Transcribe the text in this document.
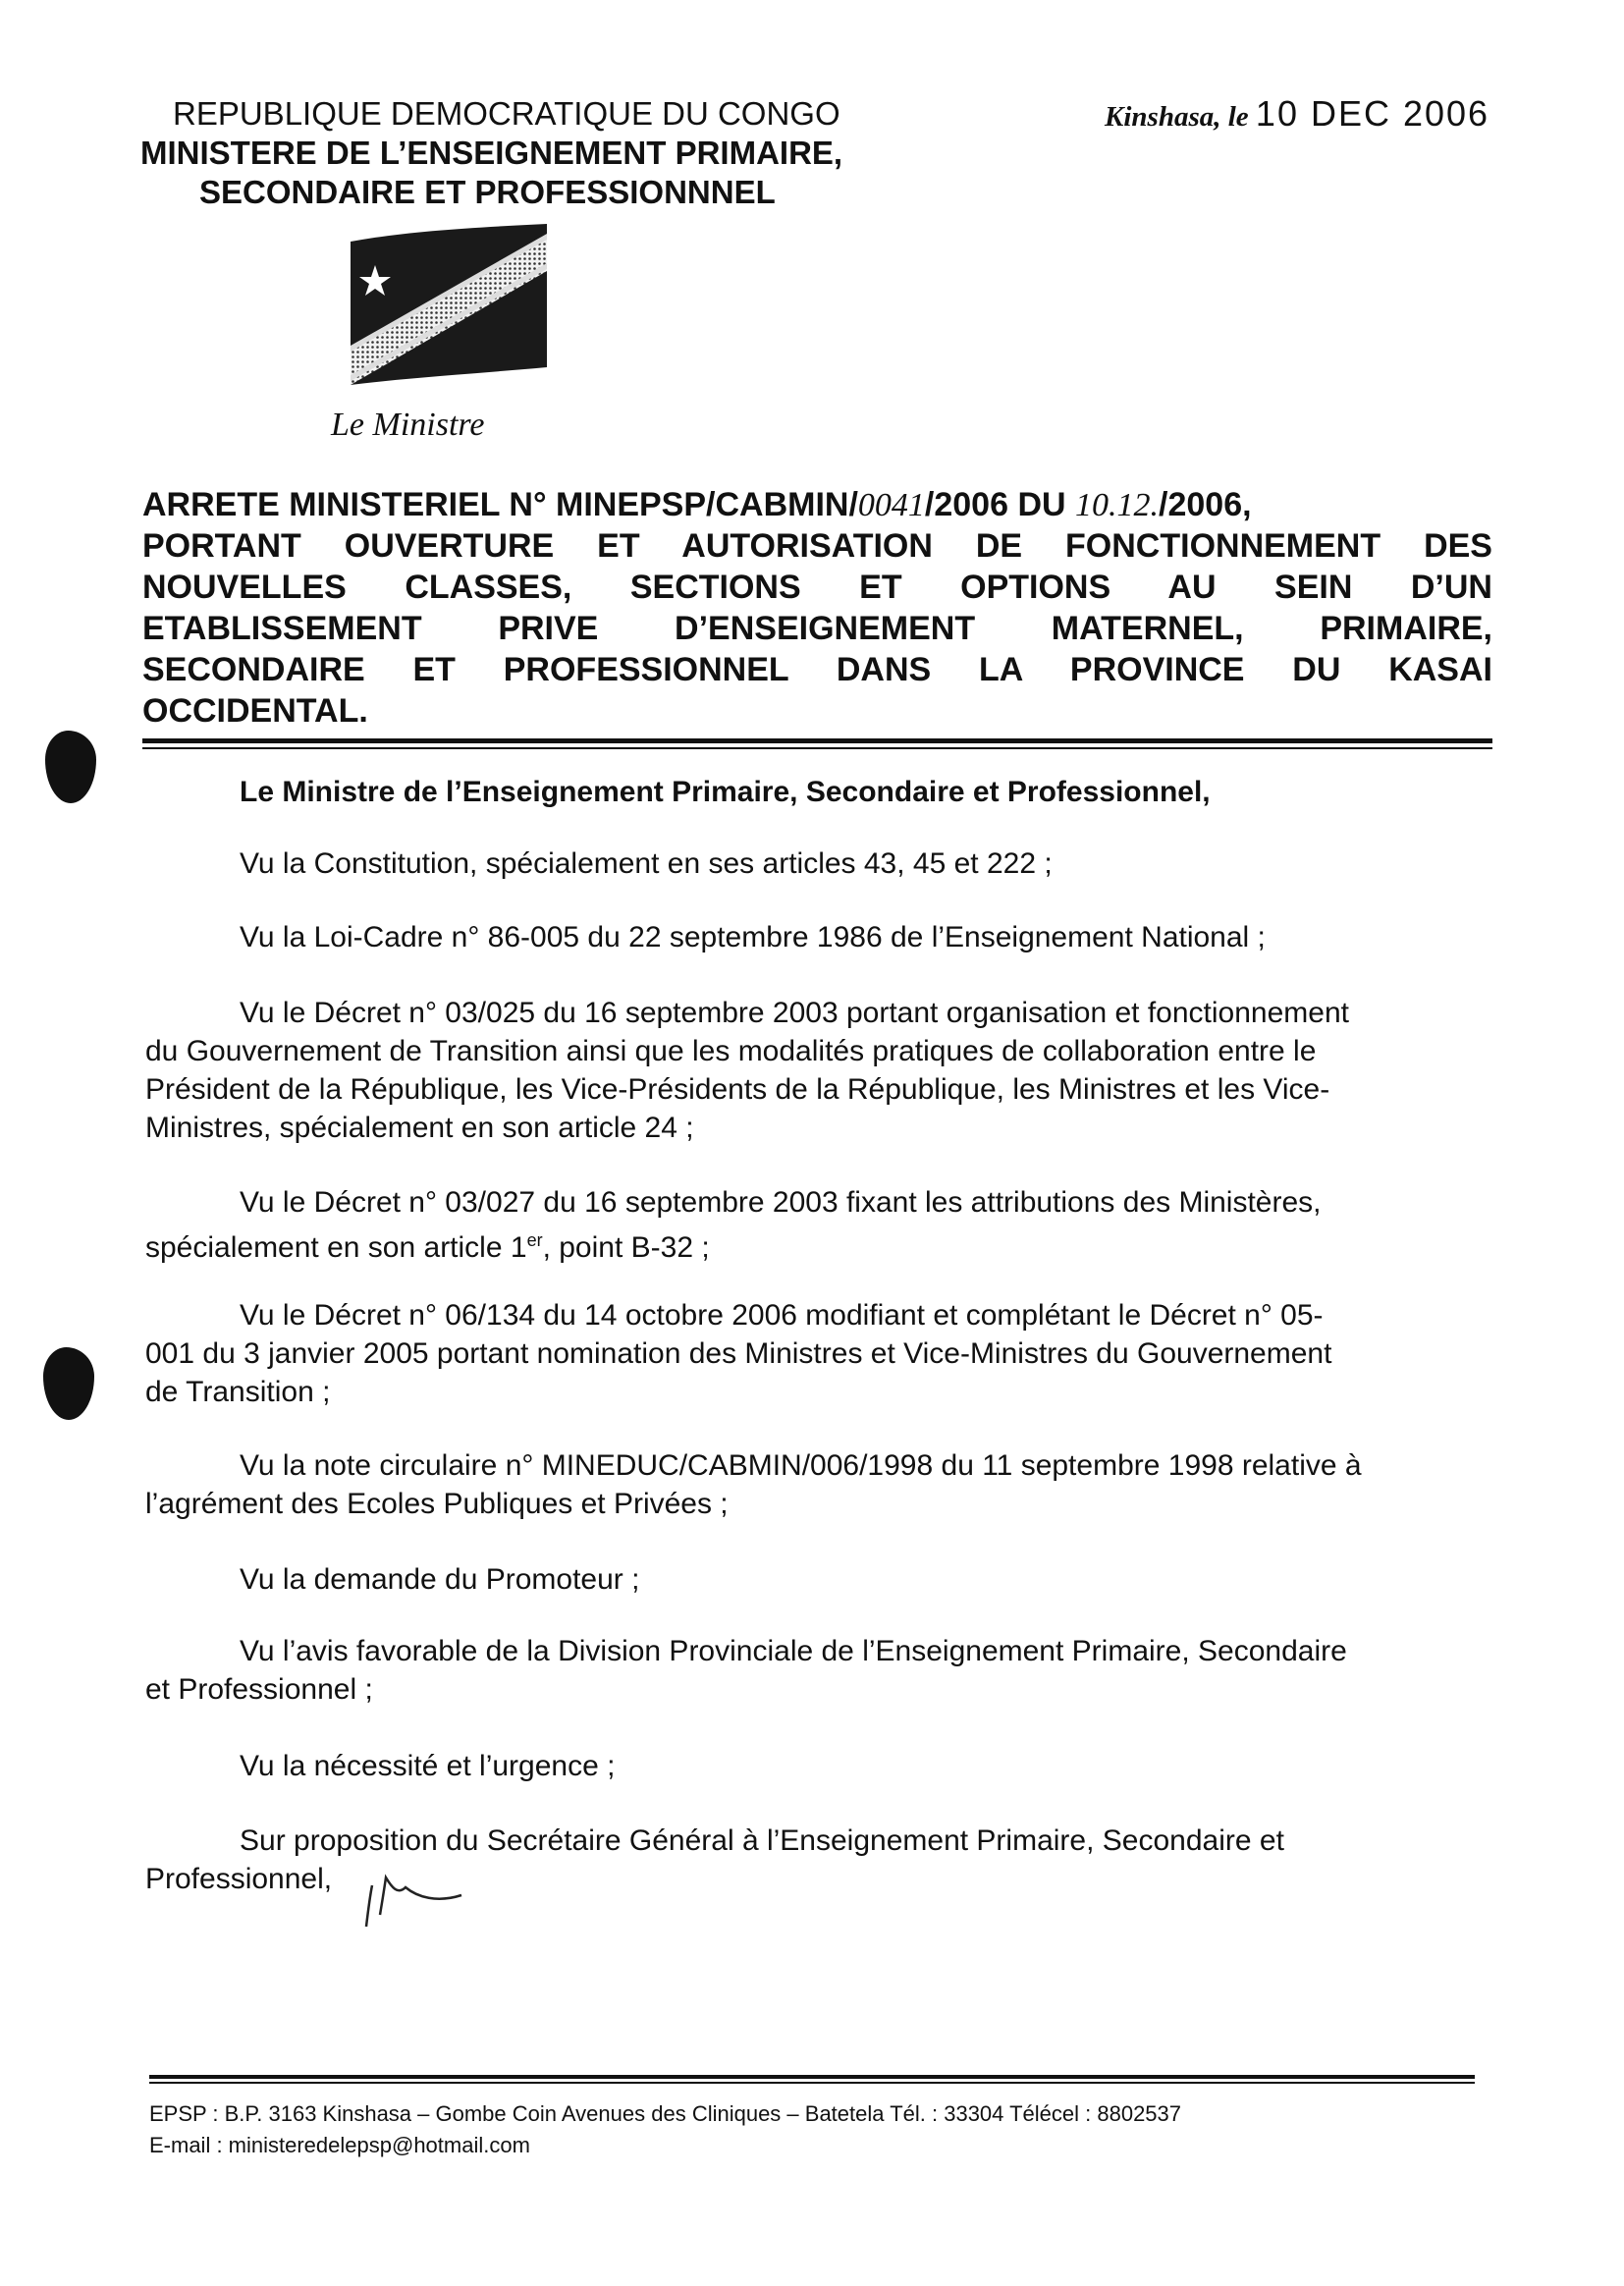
REPUBLIQUE DEMOCRATIQUE DU CONGO
MINISTERE DE L’ENSEIGNEMENT PRIMAIRE,
SECONDAIRE ET PROFESSIONNNEL
Kinshasa, le 10 DEC 2006
Le Ministre
ARRETE MINISTERIEL N° MINEPSP/CABMIN/0041/2006 DU 10.12./2006,
PORTANT OUVERTURE ET AUTORISATION DE FONCTIONNEMENT DES
NOUVELLES CLASSES, SECTIONS ET OPTIONS AU SEIN D’UN
ETABLISSEMENT PRIVE D’ENSEIGNEMENT MATERNEL, PRIMAIRE,
SECONDAIRE ET PROFESSIONNEL DANS LA PROVINCE DU KASAI
OCCIDENTAL.
Le Ministre de l’Enseignement Primaire, Secondaire et Professionnel,
Vu la Constitution, spécialement en ses articles 43, 45 et 222 ;
Vu la Loi-Cadre n° 86-005 du 22 septembre 1986 de l’Enseignement National ;
Vu le Décret n° 03/025 du 16 septembre 2003 portant organisation et fonctionnement
du Gouvernement de Transition ainsi que les modalités pratiques de collaboration entre le
Président de la République, les Vice-Présidents de la République, les Ministres et les Vice-
Ministres, spécialement en son article 24 ;
Vu le Décret n° 03/027 du 16 septembre 2003 fixant les attributions des Ministères,
spécialement en son article 1er, point B-32 ;
Vu le Décret n° 06/134 du 14 octobre 2006 modifiant et complétant le Décret n° 05-
001 du 3 janvier 2005 portant nomination des Ministres et Vice-Ministres du Gouvernement
de Transition ;
Vu la note circulaire n° MINEDUC/CABMIN/006/1998 du 11 septembre 1998 relative à
l’agrément des Ecoles Publiques et Privées ;
Vu la demande du Promoteur ;
Vu l’avis favorable de la Division Provinciale de l’Enseignement Primaire, Secondaire
et Professionnel ;
Vu la nécessité et l’urgence ;
Sur proposition du Secrétaire Général à l’Enseignement Primaire, Secondaire et
Professionnel,
EPSP : B.P. 3163 Kinshasa – Gombe Coin Avenues des Cliniques – Batetela Tél. : 33304 Télécel : 8802537
E-mail : ministeredelepsp@hotmail.com
